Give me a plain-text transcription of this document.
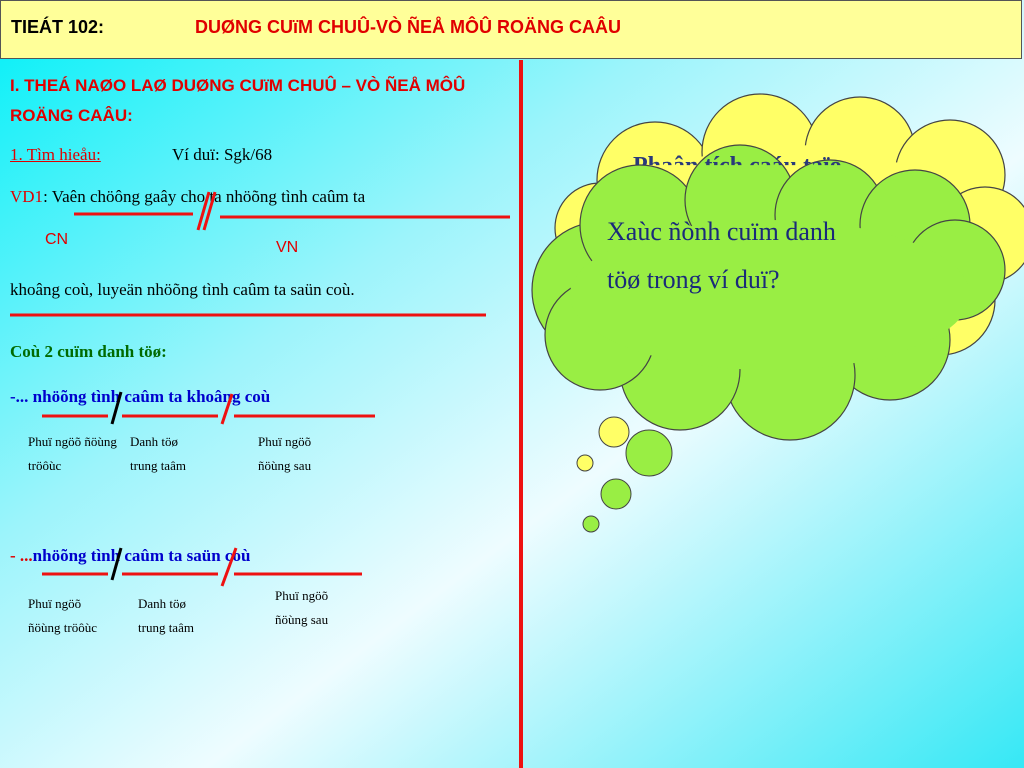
TIEÁT 102:	DUØNG CUïM CHUÛ-VÒ ÑEÅ MÔÛ ROÄNG CAÂU
I. THEÁ NAØO LAØ DUØNG CUïM CHUÛ – VÒ ÑEÅ MÔÛ
ROÄNG CAÂU:
1. Tìm hieåu:	Ví duï: Sgk/68
VD1: Vaên chöông gaây cho ta nhöõng tình caûm ta
CN	VN
khoâng coù, luyeän nhöõng tình caûm ta saün coù.
Coù 2 cuïm danh töø:
-... nhöõng tình caûm ta khoâng coù
Phuï ngöõ ñöùng
tröôùc
Danh töø
trung taâm
Phuï ngöõ
ñöùng sau
- ...nhöõng tình caûm ta saün coù
Phuï ngöõ
ñöùng tröôùc
Danh töø
trung taâm
Phuï ngöõ
ñöùng sau
Xaùc ñònh cuïm danh
töø trong ví duï?
